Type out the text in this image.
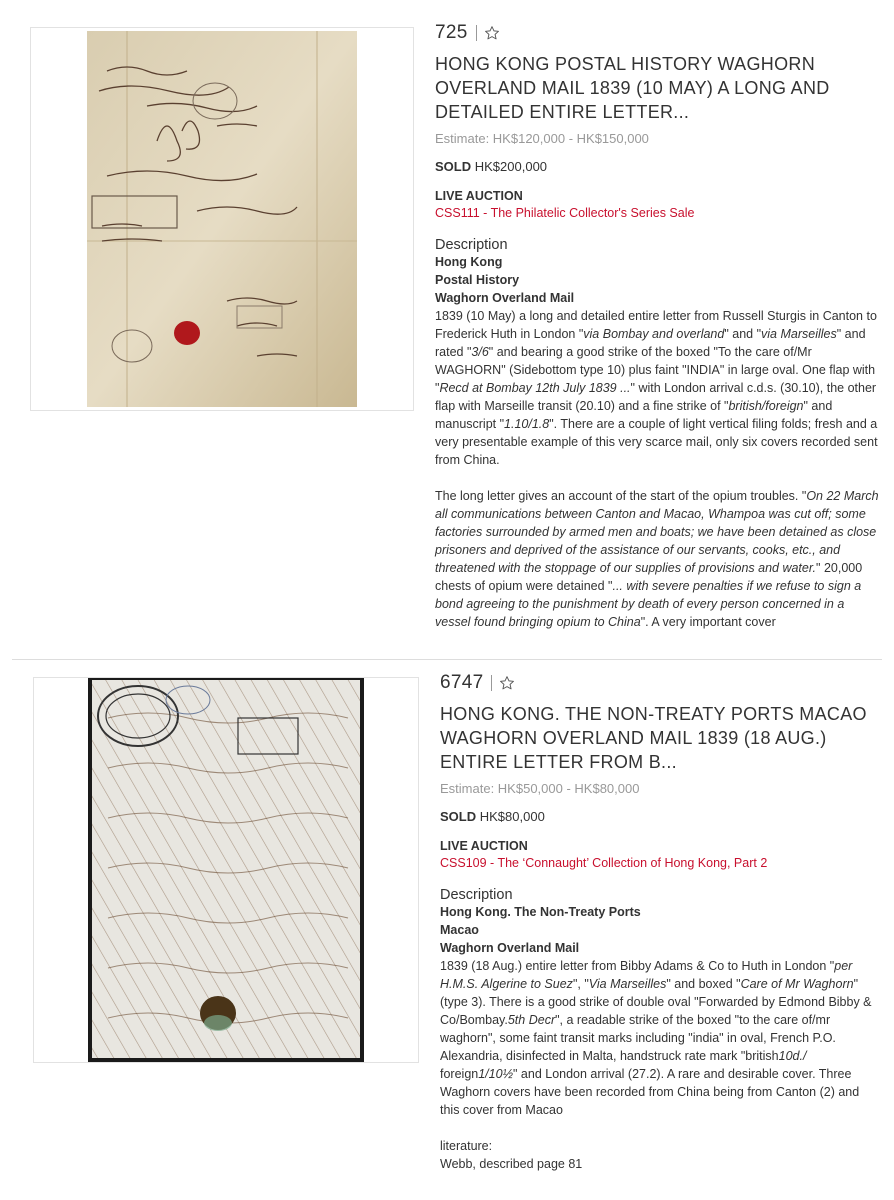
725
HONG KONG POSTAL HISTORY WAGHORN OVERLAND MAIL 1839 (10 MAY) A LONG AND DETAILED ENTIRE LETTER...
Estimate: HK$120,000 - HK$150,000
SOLD HK$200,000
LIVE AUCTION
CSS111 - The Philatelic Collector's Series Sale
Description
Hong Kong
Postal History
Waghorn Overland Mail
1839 (10 May) a long and detailed entire letter from Russell Sturgis in Canton to Frederick Huth in London "via Bombay and overland" and "via Marseilles" and rated "3/6" and bearing a good strike of the boxed "To the care of/Mr WAGHORN" (Sidebottom type 10) plus faint "INDIA" in large oval. One flap with "Recd at Bombay 12th July 1839 ..." with London arrival c.d.s. (30.10), the other flap with Marseille transit (20.10) and a fine strike of "british/foreign" and manuscript "1.10/1.8". There are a couple of light vertical filing folds; fresh and a very presentable example of this very scarce mail, only six covers recorded sent from China.
The long letter gives an account of the start of the opium troubles. "On 22 March all communications between Canton and Macao, Whampoa was cut off; some factories surrounded by armed men and boats; we have been detained as close prisoners and deprived of the assistance of our servants, cooks, etc., and threatened with the stoppage of our supplies of provisions and water." 20,000 chests of opium were detained "... with severe penalties if we refuse to sign a bond agreeing to the punishment by death of every person concerned in a vessel found bringing opium to China". A very important cover
6747
HONG KONG. THE NON-TREATY PORTS MACAO WAGHORN OVERLAND MAIL 1839 (18 AUG.) ENTIRE LETTER FROM B...
Estimate: HK$50,000 - HK$80,000
SOLD HK$80,000
LIVE AUCTION
CSS109 - The ‘Connaught’ Collection of Hong Kong, Part 2
Description
Hong Kong. The Non-Treaty Ports
Macao
Waghorn Overland Mail
1839 (18 Aug.) entire letter from Bibby Adams & Co to Huth in London "per H.M.S. Algerine to Suez", "Via Marseilles" and boxed "Care of Mr Waghorn" (type 3). There is a good strike of double oval "Forwarded by Edmond Bibby & Co/Bombay.5th Decr", a readable strike of the boxed "to the care of/mr waghorn", some faint transit marks including "india" in oval, French P.O. Alexandria, disinfected in Malta, handstruck rate mark "british10d./ foreign1/10½" and London arrival (27.2). A rare and desirable cover. Three Waghorn covers have been recorded from China being from Canton (2) and this cover from Macao
literature:
Webb, described page 81
